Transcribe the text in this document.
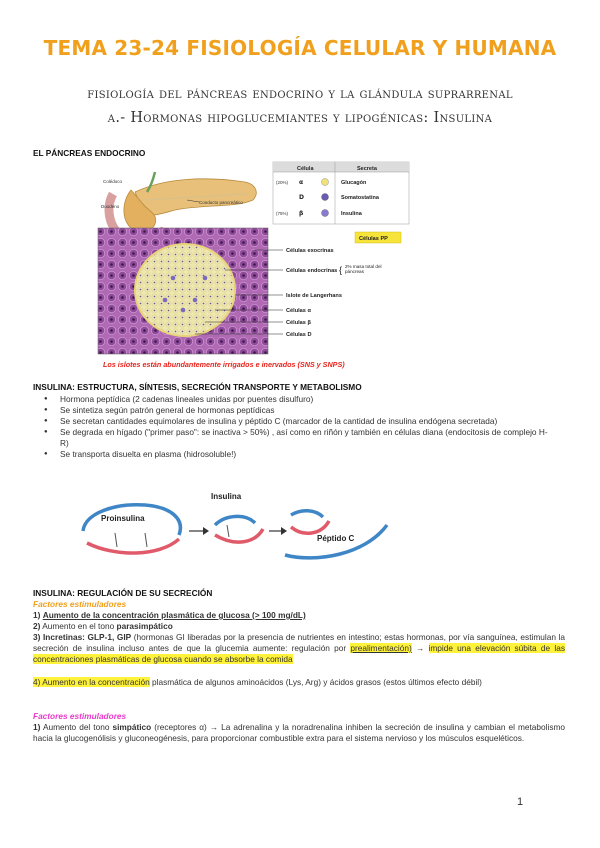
TEMA 23-24 FISIOLOGÍA CELULAR Y HUMANA
fisiología del páncreas endocrino y la glándula suprarrenal
a.- Hormonas hipoglucemiantes y lipogénicas: Insulina
EL PÁNCREAS ENDOCRINO
Colédoco
Duodeno
Conducto pancreático
Célula	Secreta
(20%) α	Glucagón
D	Somatostatina
(75%) β	Insulina
Células PP
Células exocrinas
Células endocrinas { 2% masa total del páncreas
Islote de Langerhans
Células α
Células β
Células D
Los islotes están abundantemente irrigados e inervados (SNS y SNPS)
INSULINA: ESTRUCTURA, SÍNTESIS, SECRECIÓN TRANSPORTE Y METABOLISMO
● Hormona peptídica (2 cadenas lineales unidas por puentes disulfuro)
● Se sintetiza según patrón general de hormonas peptídicas
● Se secretan cantidades equimolares de insulina y péptido C (marcador de la cantidad de insulina endógena secretada)
● Se degrada en hígado ("primer paso": se inactiva > 50%) , así como en riñón y también en células diana (endocitosis de complejo H-R)
● Se transporta disuelta en plasma (hidrosoluble!)
Proinsulina
Insulina
Péptido C
INSULINA: REGULACIÓN DE SU SECRECIÓN
Factores estimuladores
1) Aumento de la concentración plasmática de glucosa (> 100 mg/dL)
2) Aumento en el tono parasimpático
3) Incretinas: GLP-1, GIP (hormonas GI liberadas por la presencia de nutrientes en intestino; estas hormonas, por vía sanguínea, estimulan la secreción de insulina incluso antes de que la glucemia aumente: regulación por prealimentación) → impide una elevación súbita de las concentraciones plasmáticas de glucosa cuando se absorbe la comida
4) Aumento en la concentración plasmática de algunos aminoácidos (Lys, Arg) y ácidos grasos (estos últimos efecto débil)
Factores estimuladores
1) Aumento del tono simpático (receptores α) → La adrenalina y la noradrenalina inhiben la secreción de insulina y cambian el metabolismo hacia la glucogenólisis y gluconeogénesis, para proporcionar combustible extra para el sistema nervioso y los músculos esqueléticos.
1
